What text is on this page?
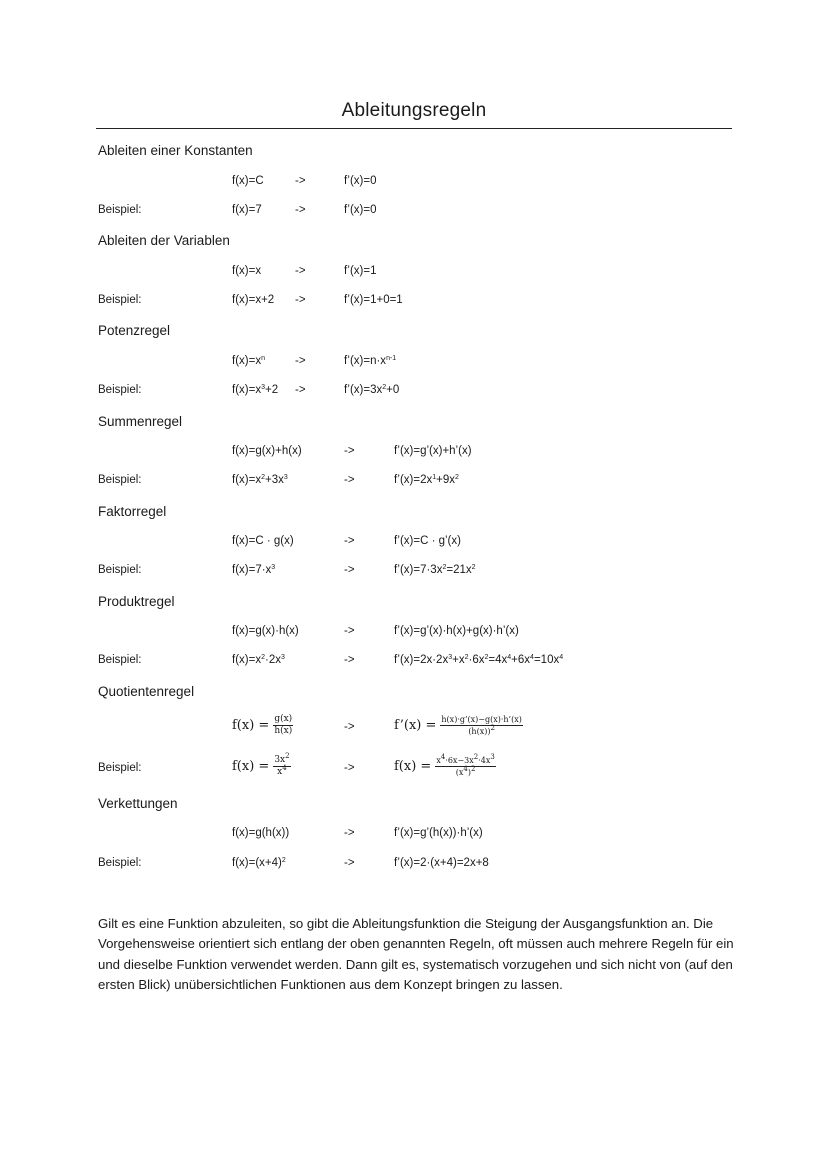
Ableitungsregeln
Ableiten einer Konstanten
f(x)=C	->	f’(x)=0
Beispiel:	f(x)=7	->	f’(x)=0
Ableiten der Variablen
f(x)=x	->	f’(x)=1
Beispiel:	f(x)=x+2 ->	f’(x)=1+0=1
Potenzregel
$f(x)=x^n$	->	$f’(x)=n\cdot x^{n-1}$
Beispiel:	$f(x)=x^3+2$ ->	$f’(x)=3x^2+0$
Summenregel
f(x)=g(x)+h(x)	->	f’(x)=g’(x)+h’(x)
Beispiel:	$f(x)=x^2+3x^3$	->	$f’(x)=2x^1+9x^2$
Faktorregel
f(x)=C · g(x)	->	f’(x)=C · g’(x)
Beispiel:	$f(x)=7\cdot x^3$	->	$f’(x)=7\cdot 3x^2=21x^2$
Produktregel
f(x)=g(x)·h(x)	->	f’(x)=g’(x)·h(x)+g(x)·h’(x)
Beispiel:	$f(x)=x^2\cdot 2x^3$	->	$f’(x)=2x\cdot 2x^3+x^2\cdot 6x^2=4x^4+6x^4=10x^4$
Quotientenregel
$f(x) = \frac{g(x)}{h(x)}$	->	f’(x) = $\frac{h(x)\cdot g’(x)-g(x)\cdot h’(x)}{(h(x))^2}$
Beispiel:	$f(x) = \frac{3x^2}{x^4}$	->	$f(x) = \frac{x^4\cdot 6x-3x^2\cdot 4x^3}{(x^4)^2}$
Verkettungen
f(x)=g(h(x))	->	f’(x)=g’(h(x))·h’(x)
Beispiel:	$f(x)=(x+4)^2$	->	f’(x)=2·(x+4)=2x+8
Gilt es eine Funktion abzuleiten, so gibt die Ableitungsfunktion die Steigung der Ausgangsfunktion an. Die Vorgehensweise orientiert sich entlang der oben genannten Regeln, oft müssen auch mehrere Regeln für ein und dieselbe Funktion verwendet werden. Dann gilt es, systematisch vorzugehen und sich nicht von (auf den ersten Blick) unübersichtlichen Funktionen aus dem Konzept bringen zu lassen.
